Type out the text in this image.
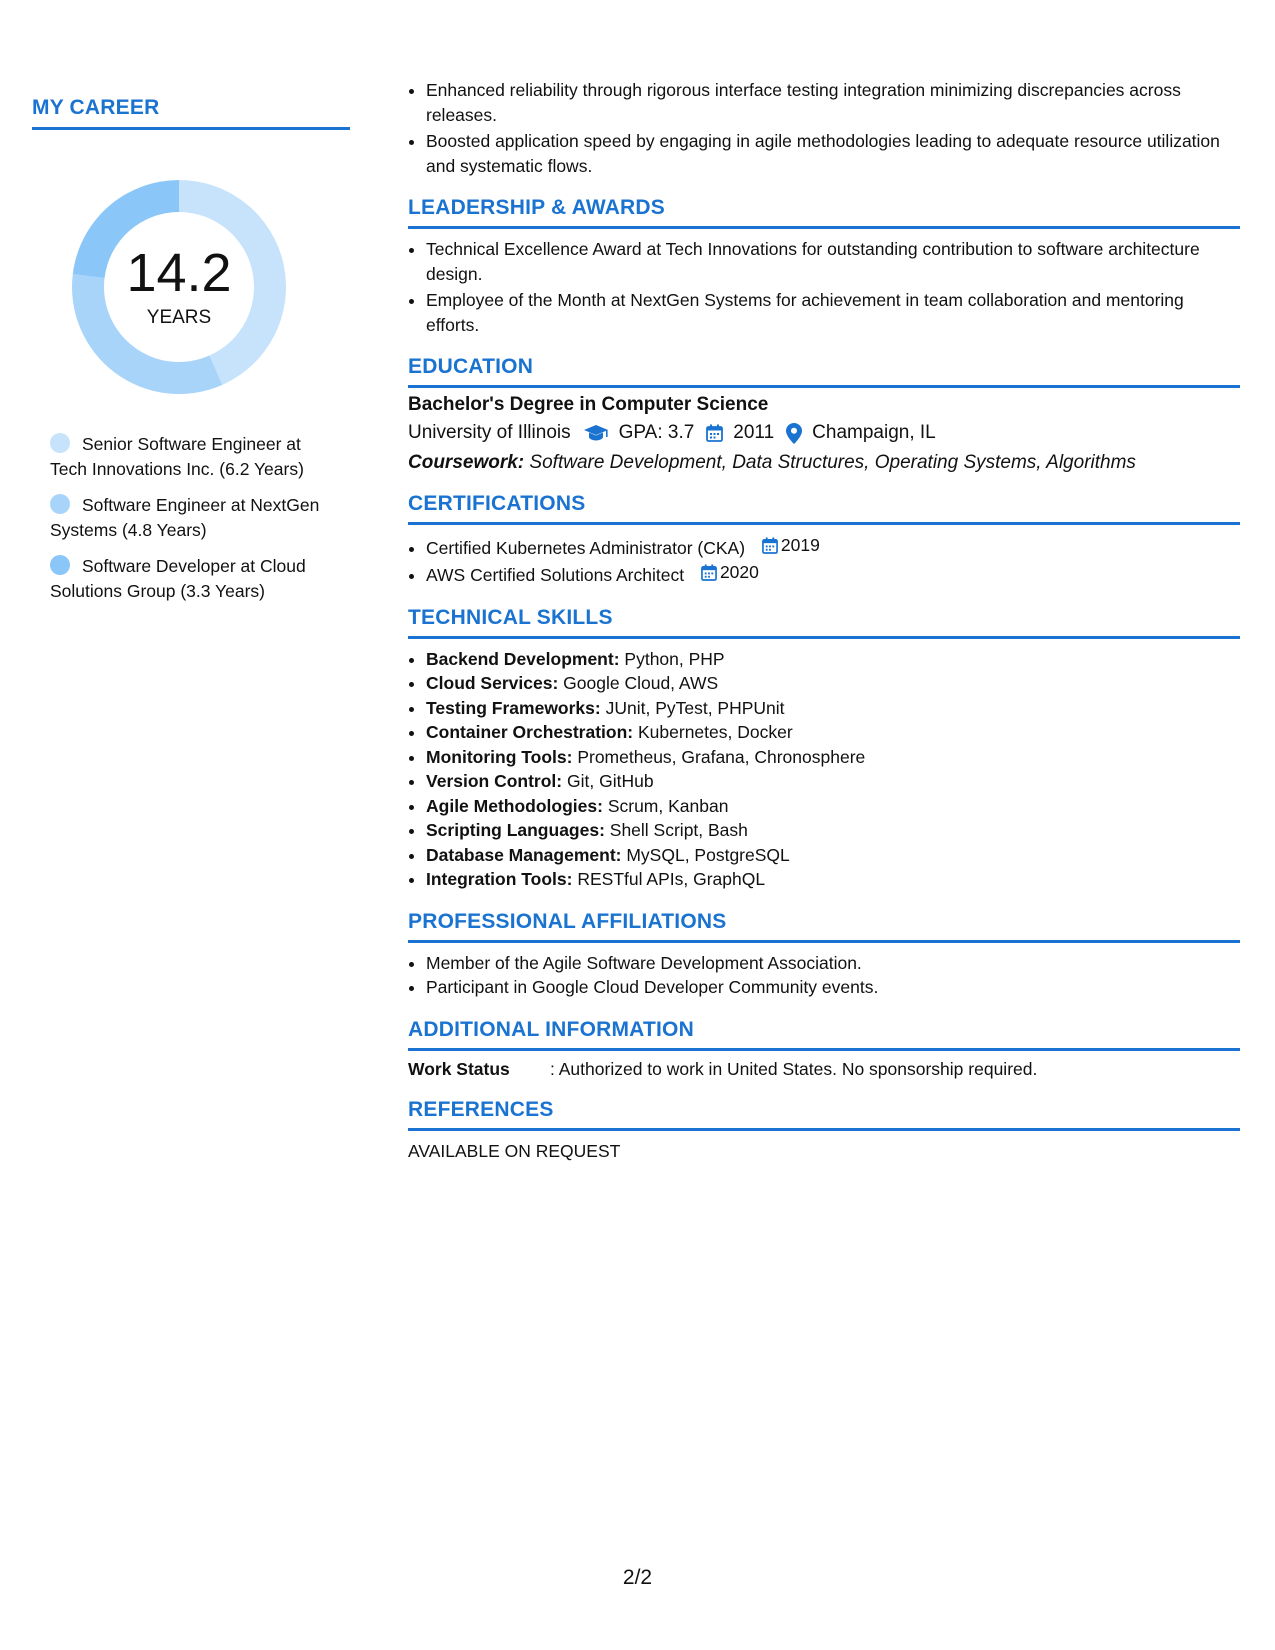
MY CAREER
14.2
YEARS
Senior Software Engineer at Tech Innovations Inc. (6.2 Years)
Software Engineer at NextGen Systems (4.8 Years)
Software Developer at Cloud Solutions Group (3.3 Years)
• Enhanced reliability through rigorous interface testing integration minimizing discrepancies across releases.
• Boosted application speed by engaging in agile methodologies leading to adequate resource utilization and systematic flows.
LEADERSHIP & AWARDS
• Technical Excellence Award at Tech Innovations for outstanding contribution to software architecture design.
• Employee of the Month at NextGen Systems for achievement in team collaboration and mentoring efforts.
EDUCATION
Bachelor's Degree in Computer Science
University of Illinois	GPA: 3.7 2011 Champaign, IL
Coursework: Software Development, Data Structures, Operating Systems, Algorithms
CERTIFICATIONS
• Certified Kubernetes Administrator (CKA) 2019
• AWS Certified Solutions Architect 2020
TECHNICAL SKILLS
• Backend Development: Python, PHP
• Cloud Services: Google Cloud, AWS
• Testing Frameworks: JUnit, PyTest, PHPUnit
• Container Orchestration: Kubernetes, Docker
• Monitoring Tools: Prometheus, Grafana, Chronosphere
• Version Control: Git, GitHub
• Agile Methodologies: Scrum, Kanban
• Scripting Languages: Shell Script, Bash
• Database Management: MySQL, PostgreSQL
• Integration Tools: RESTful APIs, GraphQL
PROFESSIONAL AFFILIATIONS
• Member of the Agile Software Development Association.
• Participant in Google Cloud Developer Community events.
ADDITIONAL INFORMATION
Work Status	: Authorized to work in United States. No sponsorship required.
REFERENCES
AVAILABLE ON REQUEST
2/2
